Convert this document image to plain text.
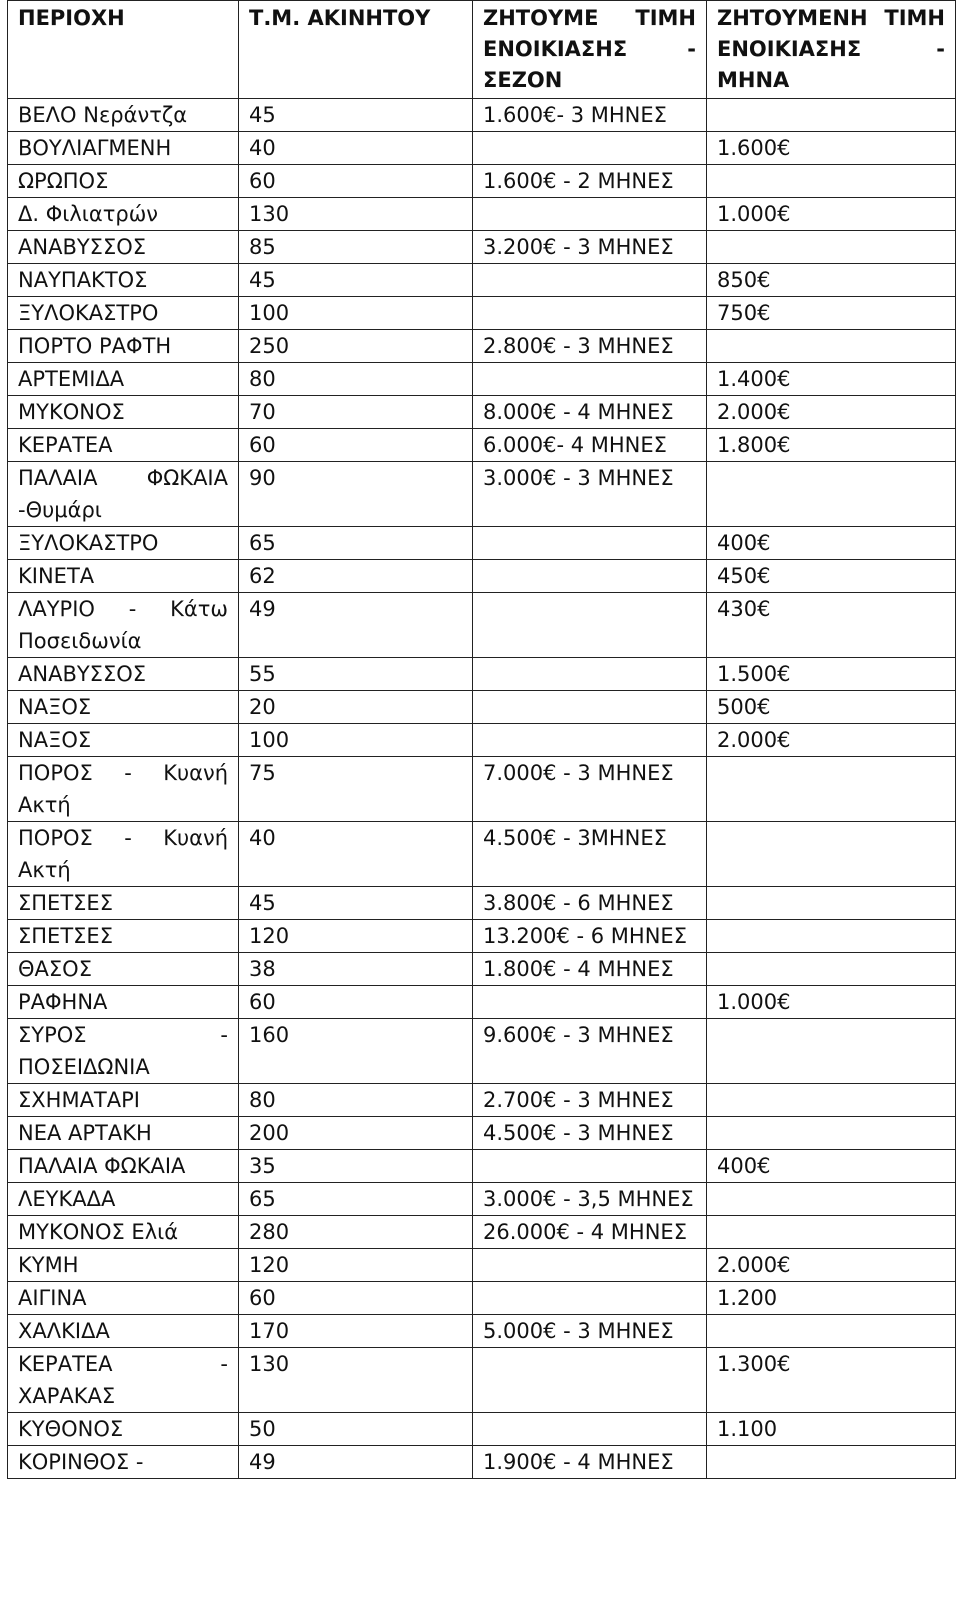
ΠΕΡΙΟΧΗ	Τ.Μ. ΑΚΙΝΗΤΟΥ	ΖΗΤΟΥΜΕ ΤΙΜΗ ΕΝΟΙΚΙΑΣΗΣ - ΣΕΖΟΝ	ΖΗΤΟΥΜΕΝΗ ΤΙΜΗ ΕΝΟΙΚΙΑΣΗΣ - ΜΗΝΑ
ΒΕΛΟ Νεράντζα	45	1.600€- 3 ΜΗΝΕΣ	
ΒΟΥΛΙΑΓΜΕΝΗ	40		1.600€
ΩΡΩΠΟΣ	60	1.600€ - 2 ΜΗΝΕΣ	
Δ. Φιλιατρών	130		1.000€
ΑΝΑΒΥΣΣΟΣ	85	3.200€ - 3 ΜΗΝΕΣ	
ΝΑΥΠΑΚΤΟΣ	45		850€
ΞΥΛΟΚΑΣΤΡΟ	100		750€
ΠΟΡΤΟ ΡΑΦΤΗ	250	2.800€ - 3 ΜΗΝΕΣ	
ΑΡΤΕΜΙΔΑ	80		1.400€
ΜΥΚΟΝΟΣ	70	8.000€ - 4 ΜΗΝΕΣ	2.000€
ΚΕΡΑΤΕΑ	60	6.000€- 4 ΜΗΝΕΣ	1.800€
ΠΑΛΑΙΑ ΦΩΚΑΙΑ -Θυμάρι	90	3.000€ - 3 ΜΗΝΕΣ	
ΞΥΛΟΚΑΣΤΡΟ	65		400€
ΚΙΝΕΤΑ	62		450€
ΛΑΥΡΙΟ - Κάτω Ποσειδωνία	49		430€
ΑΝΑΒΥΣΣΟΣ	55		1.500€
ΝΑΞΟΣ	20		500€
ΝΑΞΟΣ	100		2.000€
ΠΟΡΟΣ - Κυανή Ακτή	75	7.000€ - 3 ΜΗΝΕΣ	
ΠΟΡΟΣ - Κυανή Ακτή	40	4.500€ - 3ΜΗΝΕΣ	
ΣΠΕΤΣΕΣ	45	3.800€ - 6 ΜΗΝΕΣ	
ΣΠΕΤΣΕΣ	120	13.200€ - 6 ΜΗΝΕΣ	
ΘΑΣΟΣ	38	1.800€ - 4 ΜΗΝΕΣ	
ΡΑΦΗΝΑ	60		1.000€
ΣΥΡΟΣ - ΠΟΣΕΙΔΩΝΙΑ	160	9.600€ - 3 ΜΗΝΕΣ	
ΣΧΗΜΑΤΑΡΙ	80	2.700€ - 3 ΜΗΝΕΣ	
ΝΕΑ ΑΡΤΑΚΗ	200	4.500€ - 3 ΜΗΝΕΣ	
ΠΑΛΑΙΑ ΦΩΚΑΙΑ	35		400€
ΛΕΥΚΑΔΑ	65	3.000€ - 3,5 ΜΗΝΕΣ	
ΜΥΚΟΝΟΣ Ελιά	280	26.000€ - 4 ΜΗΝΕΣ	
ΚΥΜΗ	120		2.000€
ΑΙΓΙΝΑ	60		1.200
ΧΑΛΚΙΔΑ	170	5.000€ - 3 ΜΗΝΕΣ	
ΚΕΡΑΤΕΑ - ΧΑΡΑΚΑΣ	130		1.300€
ΚΥΘΟΝΟΣ	50		1.100
ΚΟΡΙΝΘΟΣ -	49	1.900€ - 4 ΜΗΝΕΣ	
